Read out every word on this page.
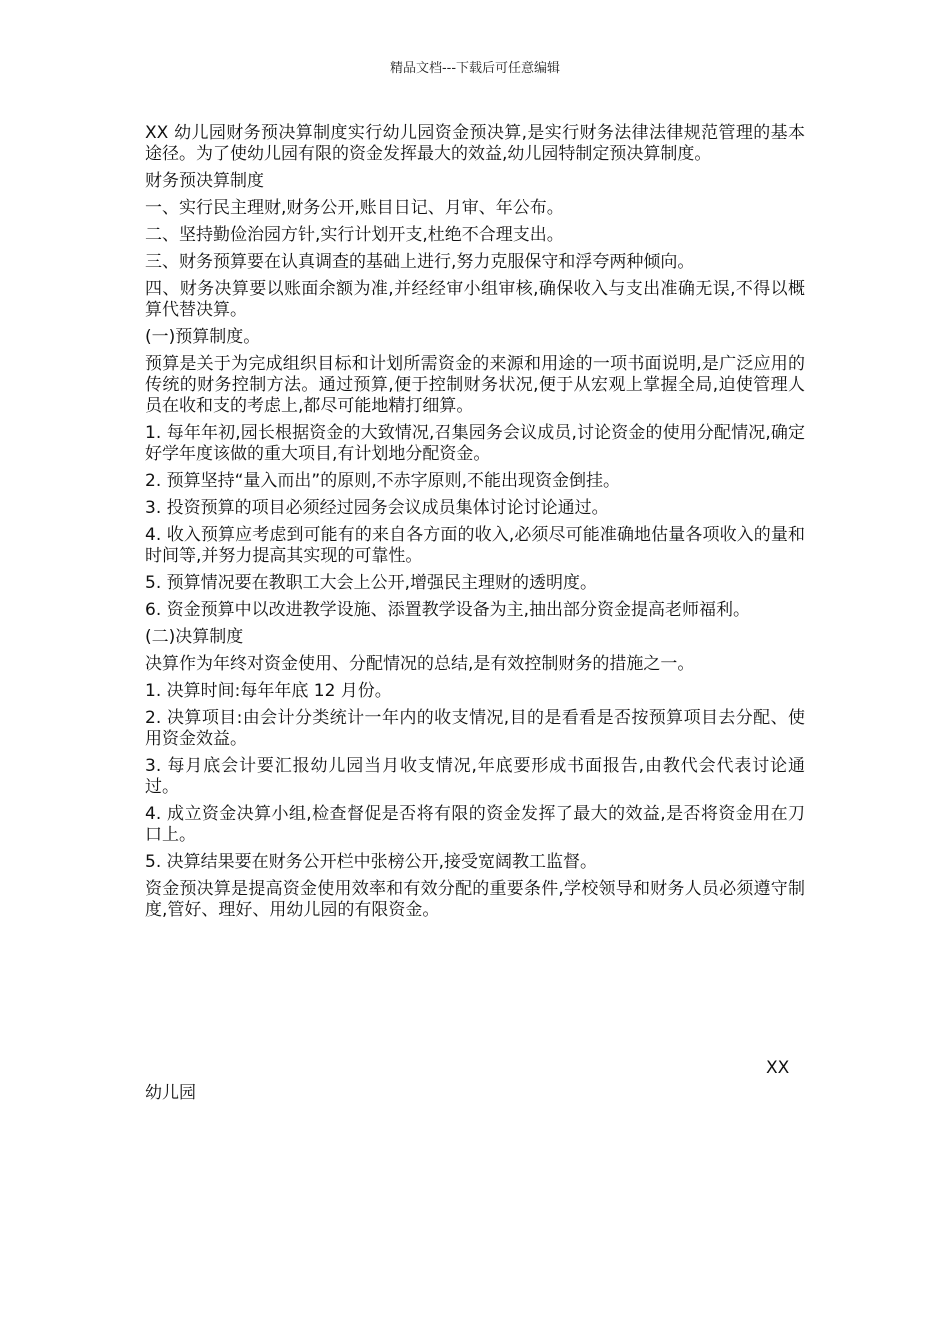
精品文档---下载后可任意编辑

XX 幼儿园财务预决算制度实行幼儿园资金预决算,是实行财务法律法律规范管理的基本途径。为了使幼儿园有限的资金发挥最大的效益,幼儿园特制定预决算制度。

财务预决算制度

一、实行民主理财,财务公开,账目日记、月审、年公布。

二、坚持勤俭治园方针,实行计划开支,杜绝不合理支出。

三、财务预算要在认真调查的基础上进行,努力克服保守和浮夸两种倾向。

四、财务决算要以账面余额为准,并经经审小组审核,确保收入与支出准确无误,不得以概算代替决算。

(一)预算制度。

预算是关于为完成组织目标和计划所需资金的来源和用途的一项书面说明,是广泛应用的传统的财务控制方法。通过预算,便于控制财务状况,便于从宏观上掌握全局,迫使管理人员在收和支的考虑上,都尽可能地精打细算。

1. 每年年初,园长根据资金的大致情况,召集园务会议成员,讨论资金的使用分配情况,确定好学年度该做的重大项目,有计划地分配资金。

2. 预算坚持“量入而出”的原则,不赤字原则,不能出现资金倒挂。

3. 投资预算的项目必须经过园务会议成员集体讨论讨论通过。

4. 收入预算应考虑到可能有的来自各方面的收入,必须尽可能准确地估量各项收入的量和时间等,并努力提高其实现的可靠性。

5. 预算情况要在教职工大会上公开,增强民主理财的透明度。

6. 资金预算中以改进教学设施、添置教学设备为主,抽出部分资金提高老师福利。

(二)决算制度

决算作为年终对资金使用、分配情况的总结,是有效控制财务的措施之一。

1. 决算时间:每年年底 12 月份。

2. 决算项目:由会计分类统计一年内的收支情况,目的是看看是否按预算项目去分配、使用资金效益。

3. 每月底会计要汇报幼儿园当月收支情况,年底要形成书面报告,由教代会代表讨论通过。

4. 成立资金决算小组,检查督促是否将有限的资金发挥了最大的效益,是否将资金用在刀口上。

5. 决算结果要在财务公开栏中张榜公开,接受宽阔教工监督。

资金预决算是提高资金使用效率和有效分配的重要条件,学校领导和财务人员必须遵守制度,管好、理好、用幼儿园的有限资金。

XX
幼儿园
